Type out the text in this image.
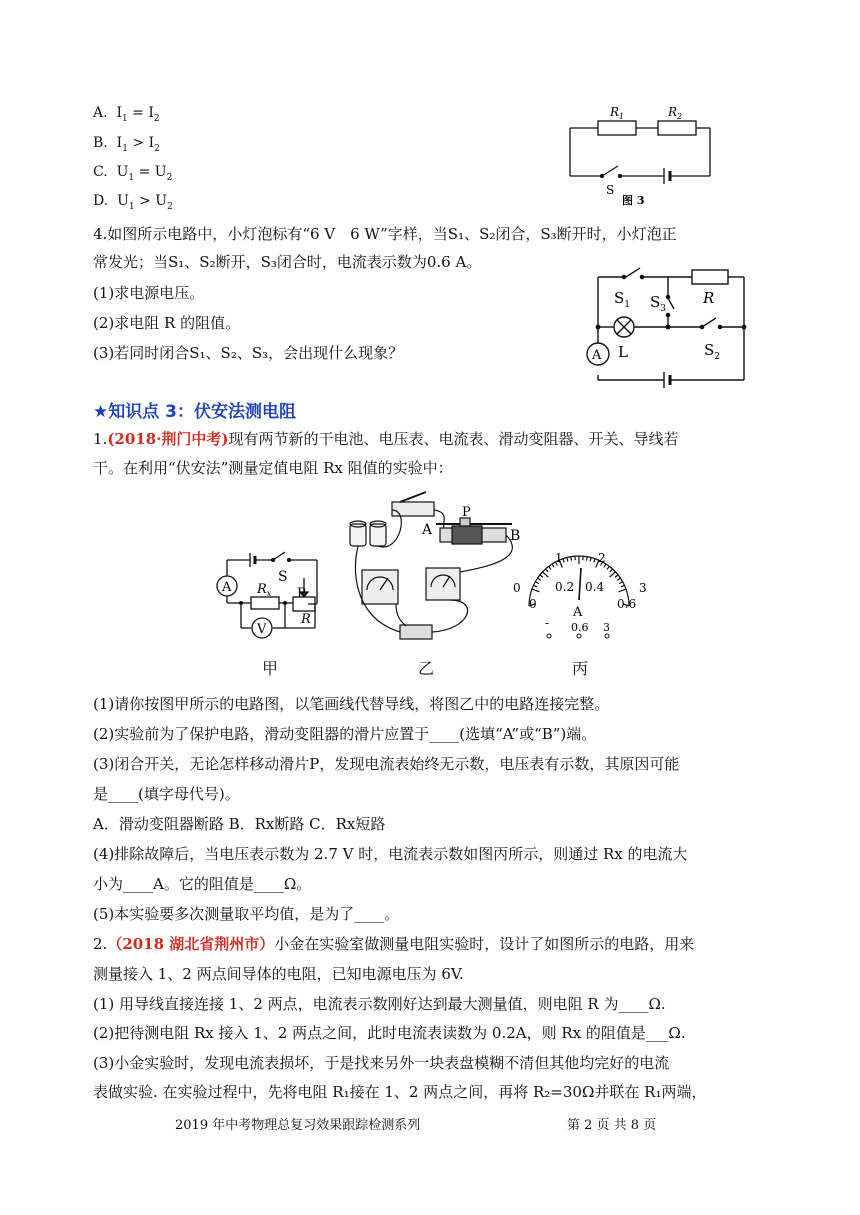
A. $I_1 = I_2$
B. $I_1 > I_2$
C. $U_1 = U_2$
D. $U_1 > U_2$
$R_1$	$R_2$
S
图 3
4.如图所示电路中，小灯泡标有“6 V　6 W”字样，当S₁、S₂闭合，S₃断开时，小灯泡正
常发光；当S₁、S₂断开，S₃闭合时，电流表示数为0.6 A。
(1)求电源电压。
(2)求电阻 R 的阻值。
(3)若同时闭合S₁、S₂、S₃，会出现什么现象？
$S_1$ $S_3$
R
L	$S_2$
A
★知识点 3：伏安法测电阻
1.(2018·荆门中考)现有两节新的干电池、电压表、电流表、滑动变阻器、开关、导线若
干。在利用“伏安法”测量定值电阻 Rx 阻值的实验中：
A
S
$R_x$ P
R
V
A
P
B
1	2
0	3
0.2 0.4
0	0.6
A
0.6 3
-
甲	乙	丙
(1)请你按图甲所示的电路图，以笔画线代替导线，将图乙中的电路连接完整。
(2)实验前为了保护电路，滑动变阻器的滑片应置于____(选填“A”或“B”)端。
(3)闭合开关，无论怎样移动滑片P，发现电流表始终无示数，电压表有示数，其原因可能
是____(填字母代号)。
A．滑动变阻器断路 B．Rx断路 C．Rx短路
(4)排除故障后，当电压表示数为 2.7 V 时，电流表示数如图丙所示，则通过 Rx 的电流大
小为____A。它的阻值是____Ω。
(5)本实验要多次测量取平均值，是为了____。
2.（2018 湖北省荆州市）小金在实验室做测量电阻实验时，设计了如图所示的电路，用来
测量接入 1、2 两点间导体的电阻，已知电源电压为 6V.
(1) 用导线直接连接 1、2 两点，电流表示数刚好达到最大测量值，则电阻 R 为____Ω.
(2)把待测电阻 Rx 接入 1、2 两点之间，此时电流表读数为 0.2A，则 Rx 的阻值是___Ω.
(3)小金实验时，发现电流表损坏，于是找来另外一块表盘模糊不清但其他均完好的电流
表做实验. 在实验过程中，先将电阻 R₁接在 1、2 两点之间，再将 R₂=30Ω并联在 R₁两端，
2019 年中考物理总复习效果跟踪检测系列	第 2 页 共 8 页
